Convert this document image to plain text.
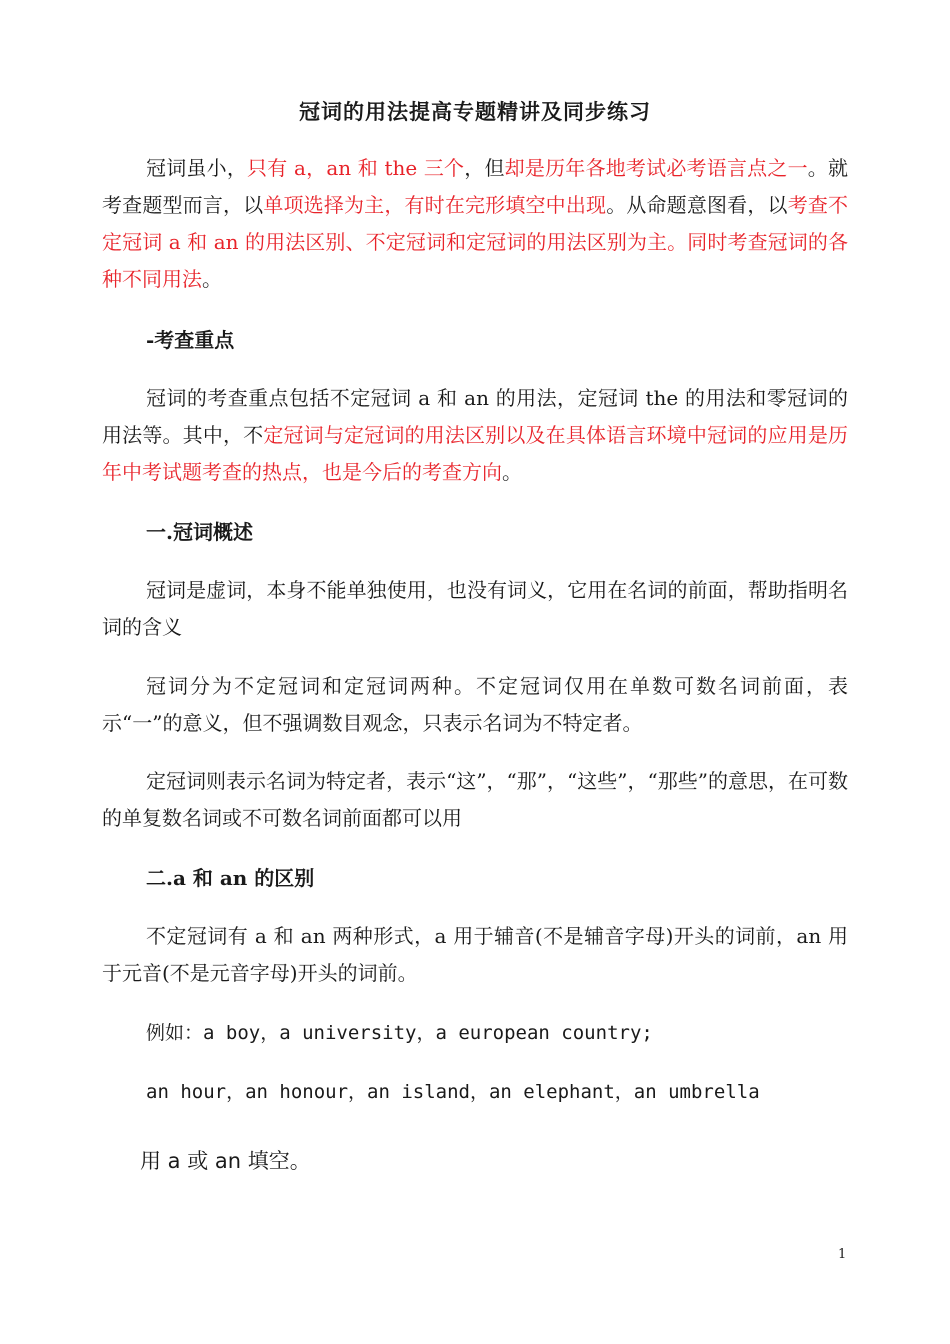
冠词的用法提高专题精讲及同步练习
冠词虽小，只有 a，an 和 the 三个，但却是历年各地考试必考语言点之一。就考查题型而言，以单项选择为主，有时在完形填空中出现。从命题意图看，以考查不定冠词 a 和 an 的用法区别、不定冠词和定冠词的用法区别为主。同时考查冠词的各种不同用法。
-考查重点
冠词的考查重点包括不定冠词 a 和 an 的用法，定冠词 the 的用法和零冠词的用法等。其中，不定冠词与定冠词的用法区别以及在具体语言环境中冠词的应用是历年中考试题考查的热点，也是今后的考查方向。
一.冠词概述
冠词是虚词，本身不能单独使用，也没有词义，它用在名词的前面，帮助指明名词的含义
冠词分为不定冠词和定冠词两种。不定冠词仅用在单数可数名词前面，表示“一”的意义，但不强调数目观念，只表示名词为不特定者。
定冠词则表示名词为特定者，表示“这”，“那”，“这些”，“那些”的意思，在可数的单复数名词或不可数名词前面都可以用
二.a 和 an 的区别
不定冠词有 a 和 an 两种形式，a 用于辅音(不是辅音字母)开头的词前，an 用于元音(不是元音字母)开头的词前。
例如：a boy，a university，a european country;
an hour，an honour，an island，an elephant，an umbrella
用 a 或 an 填空。
1
